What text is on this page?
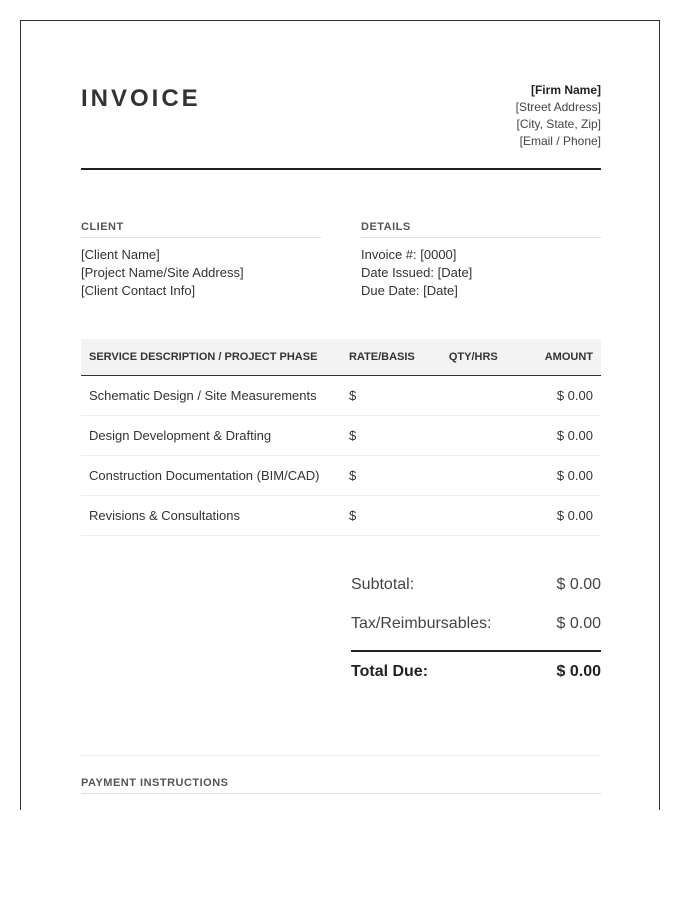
INVOICE	[Firm Name]
[Street Address]
[City, State, Zip]
[Email / Phone]
CLIENT
[Client Name]
[Project Name/Site Address]
[Client Contact Info]
DETAILS
Invoice #: [0000]
Date Issued: [Date]
Due Date: [Date]
SERVICE DESCRIPTION / PROJECT PHASE	RATE/BASIS	QTY/HRS	AMOUNT
Schematic Design / Site Measurements	$		$ 0.00
Design Development & Drafting	$		$ 0.00
Construction Documentation (BIM/CAD)	$		$ 0.00
Revisions & Consultations	$		$ 0.00
Subtotal:	$ 0.00
Tax/Reimbursables:	$ 0.00
Total Due:	$ 0.00
PAYMENT INSTRUCTIONS
